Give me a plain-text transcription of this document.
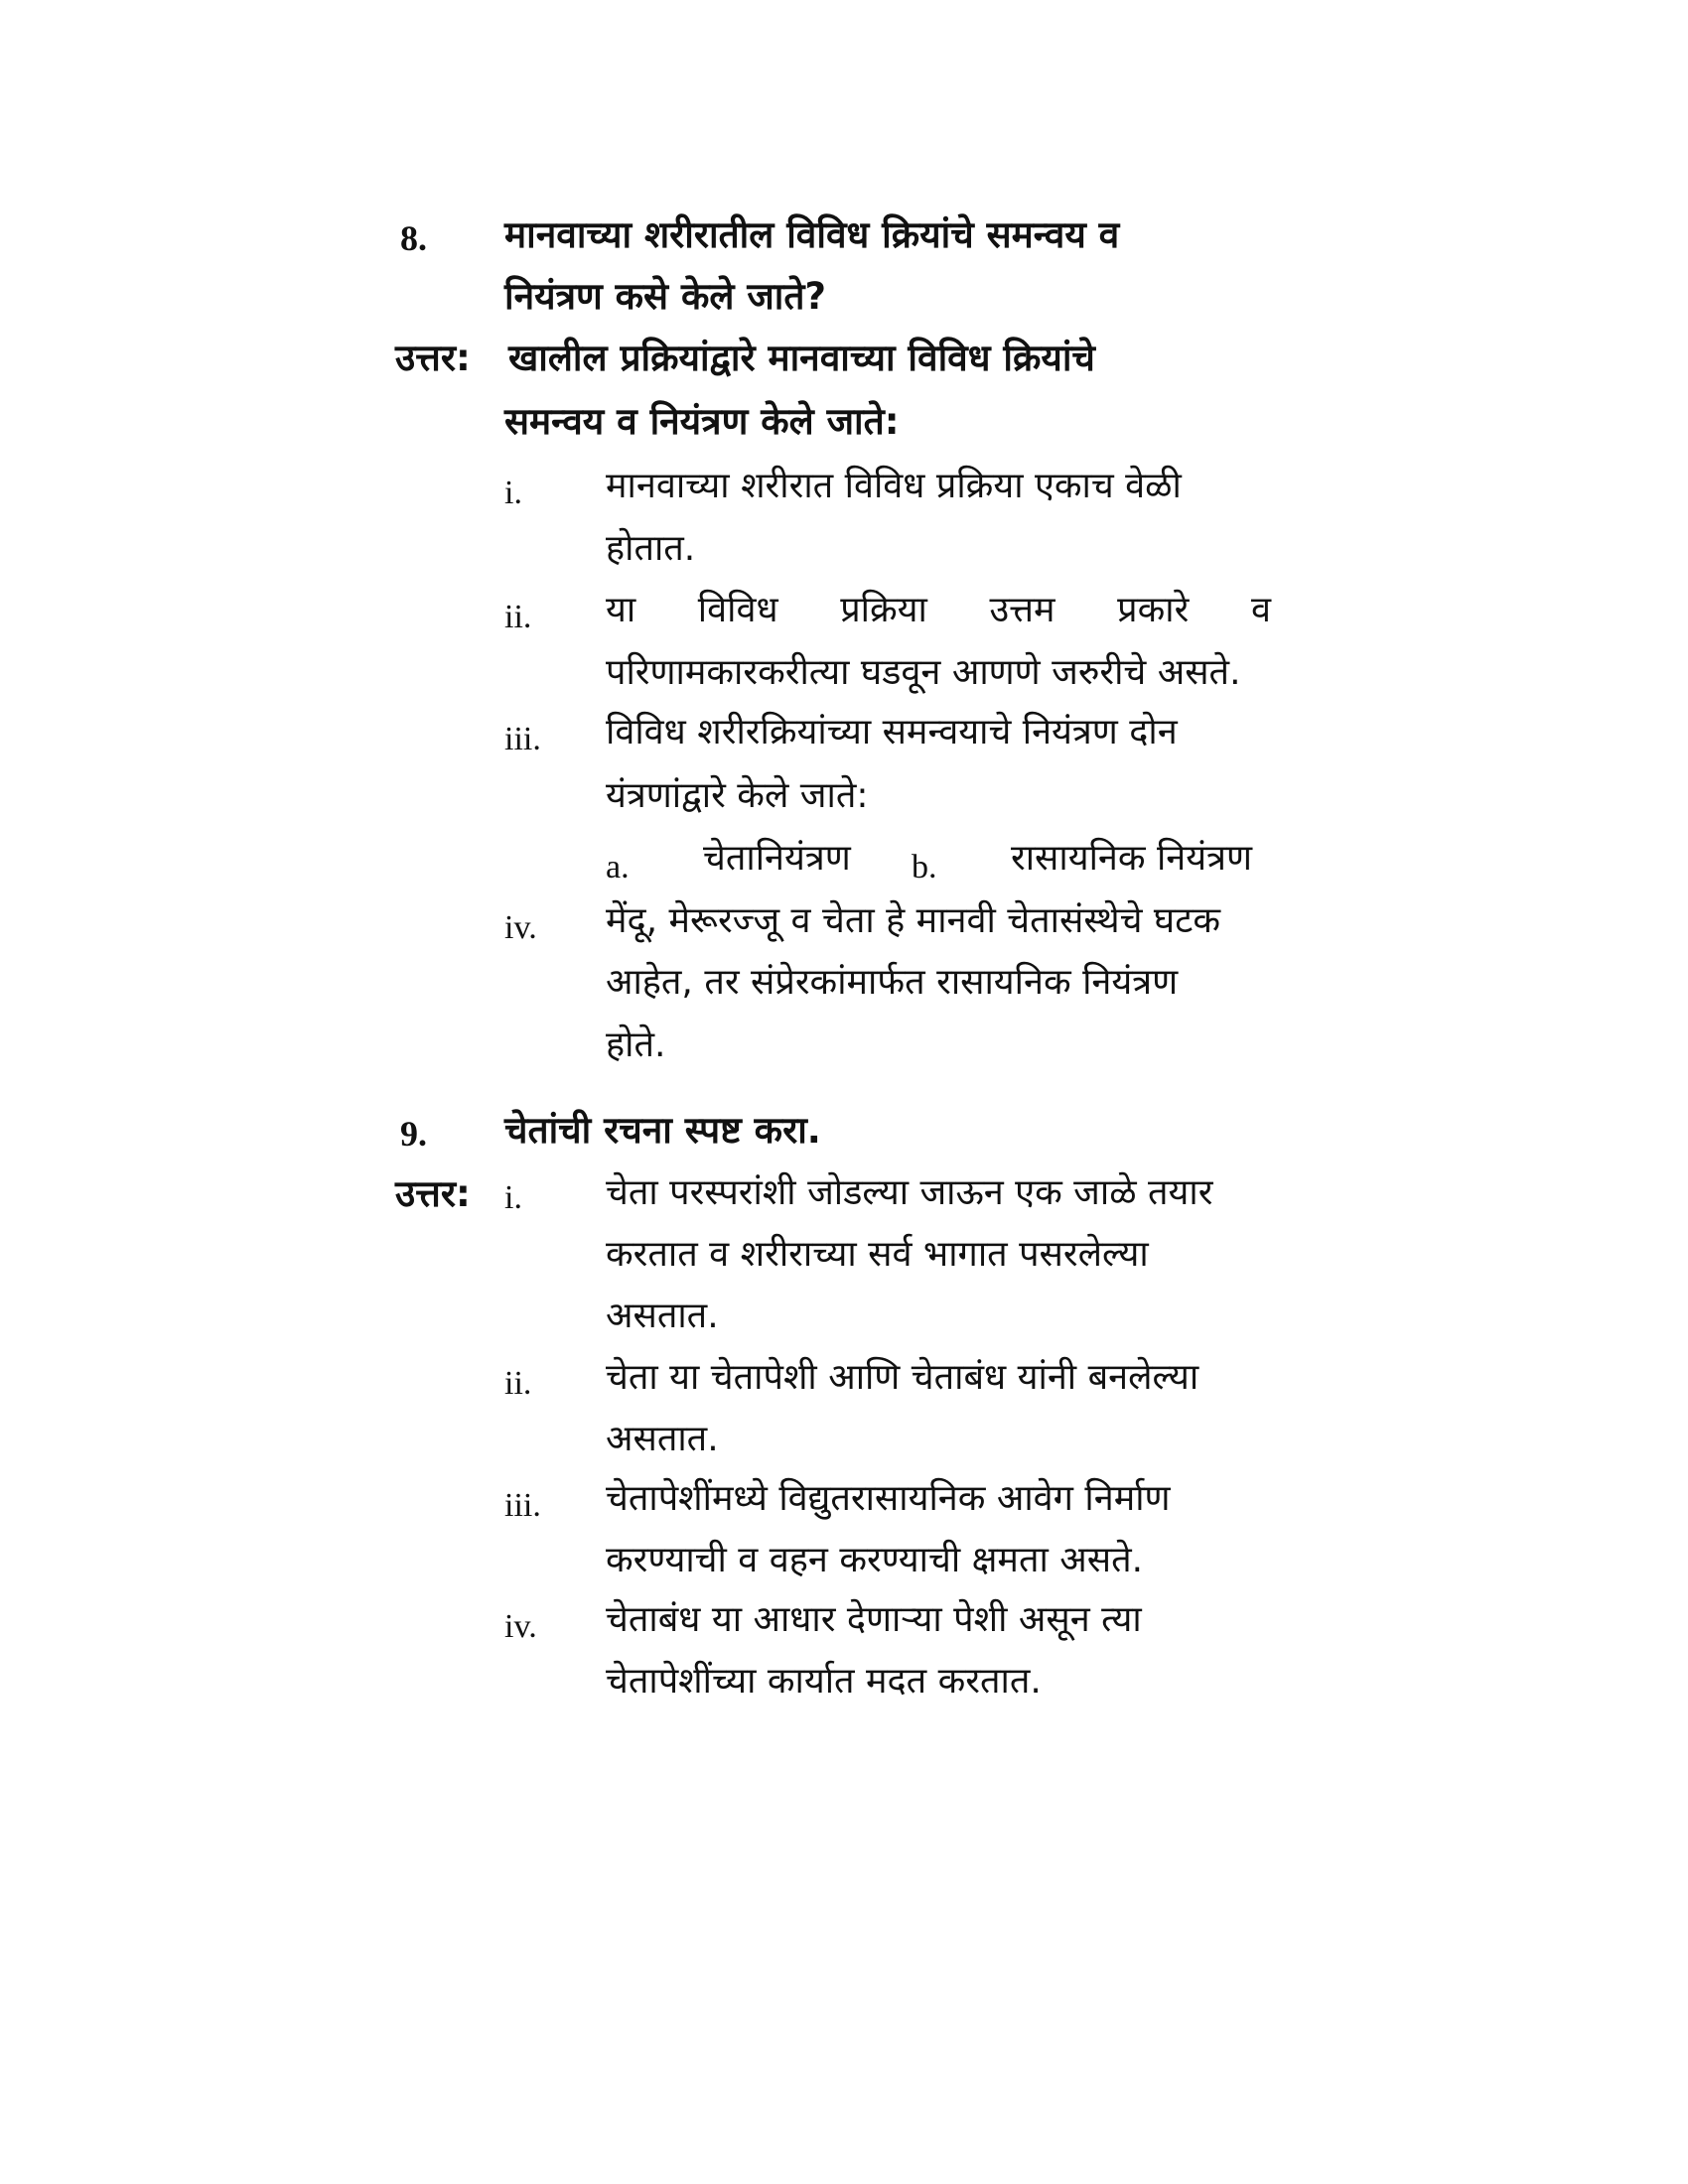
8. मानवाच्या शरीरातील विविध क्रियांचे समन्वय व
नियंत्रण कसे केले जाते?
उत्तर: खालील प्रक्रियांद्वारे मानवाच्या विविध क्रियांचे
समन्वय व नियंत्रण केले जाते:
i. मानवाच्या शरीरात विविध प्रक्रिया एकाच वेळी
होतात.
ii. या विविध प्रक्रिया उत्तम प्रकारे व
परिणामकारकरीत्या घडवून आणणे जरुरीचे असते.
iii. विविध शरीरक्रियांच्या समन्वयाचे नियंत्रण दोन
यंत्रणांद्वारे केले जाते:
a. चेतानियंत्रण b. रासायनिक नियंत्रण
iv. मेंदू, मेरूरज्जू व चेता हे मानवी चेतासंस्थेचे घटक
आहेत, तर संप्रेरकांमार्फत रासायनिक नियंत्रण
होते.
9. चेतांची रचना स्पष्ट करा.
उत्तर: i. चेता परस्परांशी जोडल्या जाऊन एक जाळे तयार
करतात व शरीराच्या सर्व भागात पसरलेल्या
असतात.
ii. चेता या चेतापेशी आणि चेताबंध यांनी बनलेल्या
असतात.
iii. चेतापेशींमध्ये विद्युतरासायनिक आवेग निर्माण
करण्याची व वहन करण्याची क्षमता असते.
iv. चेताबंध या आधार देणाऱ्या पेशी असून त्या
चेतापेशींच्या कार्यात मदत करतात.
